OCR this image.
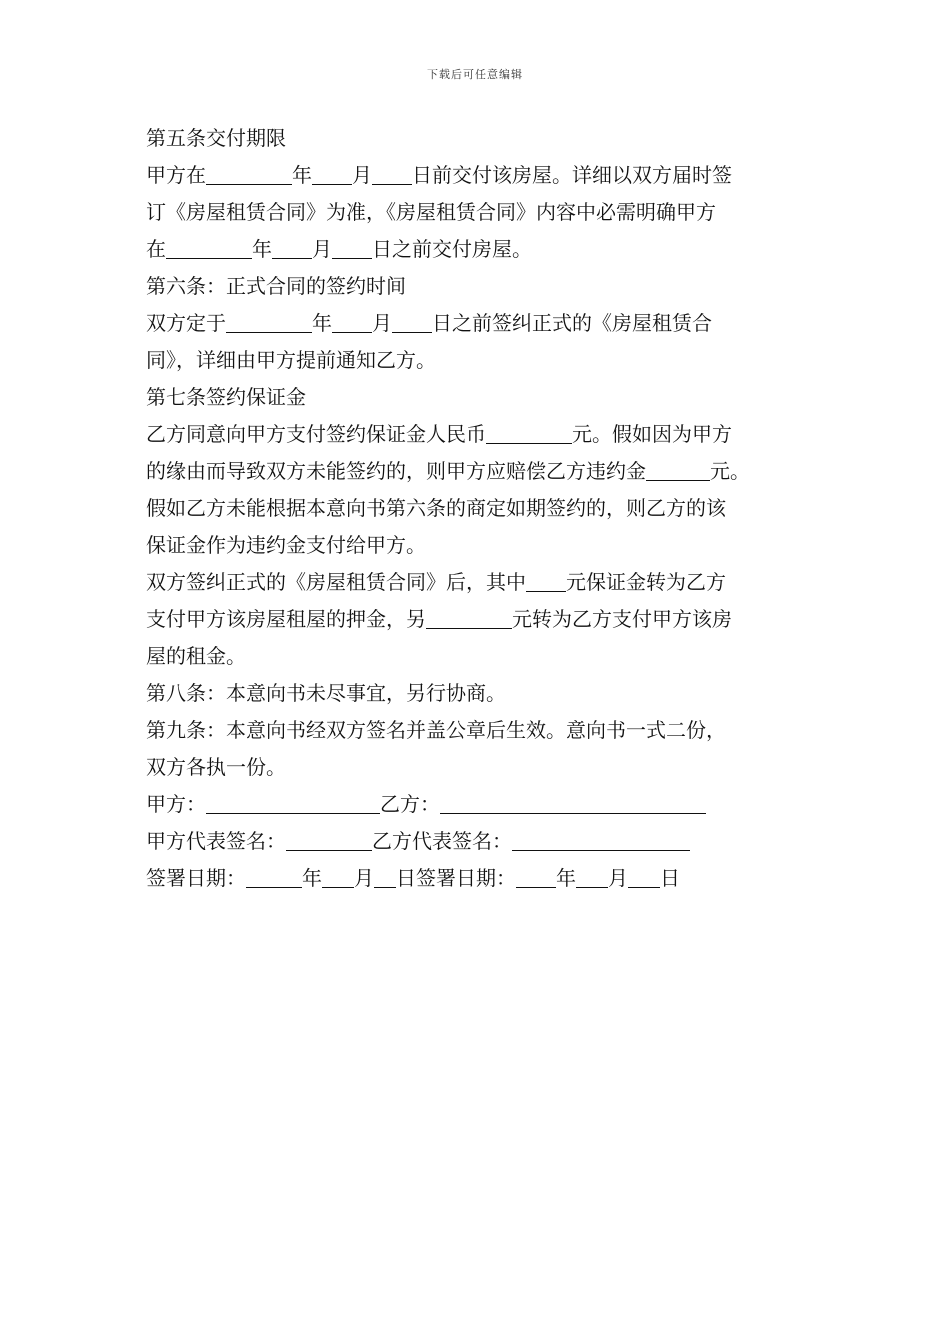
下载后可任意编辑
第五条交付期限
甲方在	年 月 日前交付该房屋。详细以双方届时签
订《房屋租赁合同》为准，《房屋租赁合同》内容中必需明确甲方
在	年 月 日之前交付房屋。
第六条：正式合同的签约时间
双方定于	年 月 日之前签纠正式的《房屋租赁合
同》，详细由甲方提前通知乙方。
第七条签约保证金
乙方同意向甲方支付签约保证金人民币	元。假如因为甲方
的缘由而导致双方未能签约的，则甲方应赔偿乙方违约金	元。
假如乙方未能根据本意向书第六条的商定如期签约的，则乙方的该
保证金作为违约金支付给甲方。
双方签纠正式的《房屋租赁合同》后，其中 元保证金转为乙方
支付甲方该房屋租屋的押金，另	元转为乙方支付甲方该房
屋的租金。
第八条：本意向书未尽事宜，另行协商。
第九条：本意向书经双方签名并盖公章后生效。意向书一式二份，
双方各执一份。
甲方：	乙方：
甲方代表签名：	乙方代表签名：
签署日期：	年 月 日签署日期： 年 月 日
